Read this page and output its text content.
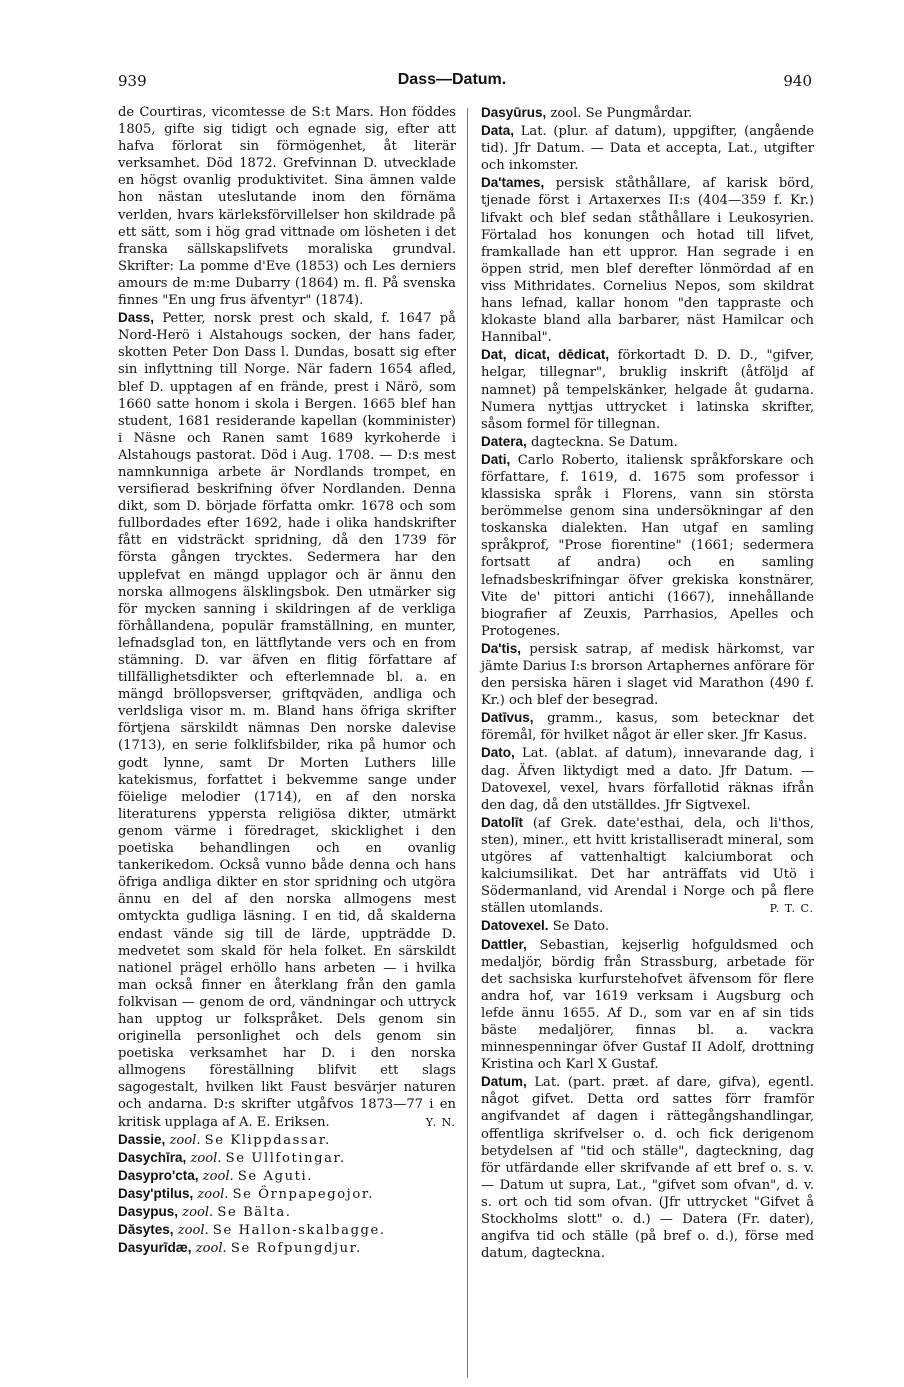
939	Dass—Datum.	940

de Courtiras, vicomtesse de S:t Mars. Hon föddes 1805, gifte sig tidigt och egnade sig, efter att hafva förlorat sin förmögenhet, åt literär verksamhet. Död 1872. Grefvinnan D. utvecklade en högst ovanlig produktivitet. Sina ämnen valde hon nästan uteslutande inom den förnäma verlden, hvars kärleksförvillelser hon skildrade på ett sätt, som i hög grad vittnade om lösheten i det franska sällskapslifvets moraliska grundval. Skrifter: La pomme d'Eve (1853) och Les derniers amours de m:me Dubarry (1864) m. fl. På svenska finnes "En ung frus äfventyr" (1874).

Dass, Petter, norsk prest och skald, f. 1647 på Nord-Herö i Alstahougs socken, der hans fader, skotten Peter Don Dass l. Dundas, bosatt sig efter sin inflyttning till Norge. När fadern 1654 afled, blef D. upptagen af en frände, prest i Närö, som 1660 satte honom i skola i Bergen. 1665 blef han student, 1681 residerande kapellan (komminister) i Näsne och Ranen samt 1689 kyrkoherde i Alstahougs pastorat. Död i Aug. 1708. — D:s mest namnkunniga arbete är Nordlands trompet, en versifierad beskrifning öfver Nordlanden. Denna dikt, som D. började författa omkr. 1678 och som fullbordades efter 1692, hade i olika handskrifter fått en vidsträckt spridning, då den 1739 för första gången trycktes. Sedermera har den upplefvat en mängd upplagor och är ännu den norska allmogens älsklingsbok. Den utmärker sig för mycken sanning i skildringen af de verkliga förhållandena, populär framställning, en munter, lefnadsglad ton, en lättflytande vers och en from stämning. D. var äfven en flitig författare af tillfällighetsdikter och efterlemnade bl. a. en mängd bröllopsverser, griftqväden, andliga och verldsliga visor m. m. Bland hans öfriga skrifter förtjena särskildt nämnas Den norske dalevise (1713), en serie folklifsbilder, rika på humor och godt lynne, samt Dr Morten Luthers lille katekismus, forfattet i bekvemme sange under föielige melodier (1714), en af den norska literaturens yppersta religiösa dikter, utmärkt genom värme i föredraget, skicklighet i den poetiska behandlingen och en ovanlig tankerikedom. Också vunno både denna och hans öfriga andliga dikter en stor spridning och utgöra ännu en del af den norska allmogens mest omtyckta gudliga läsning. I en tid, då skalderna endast vände sig till de lärde, uppträdde D. medvetet som skald för hela folket. En särskildt nationel prägel erhöllo hans arbeten — i hvilka man också finner en återklang från den gamla folkvisan — genom de ord, vändningar och uttryck han upptog ur folkspråket. Dels genom sin originella personlighet och dels genom sin poetiska verksamhet har D. i den norska allmogens föreställning blifvit ett slags sagogestalt, hvilken likt Faust besvärjer naturen och andarna. D:s skrifter utgåfvos 1873—77 i en kritisk upplaga af A. E. Eriksen.	Y. N.

Dassie, zool. Se Klippdassar.

Dasychīra, zool. Se Ullfotingar.

Dasypro'cta, zool. Se Aguti.

Dasy'ptilus, zool. Se Örnpapegojor.

Dasypus, zool. Se Bälta.

Dăsytes, zool. Se Hallon-skalbagge.

Dasyurīdæ, zool. Se Rofpungdjur.

Dasyūrus, zool. Se Pungmårdar.

Data, Lat. (plur. af datum), uppgifter, (angående tid). Jfr Datum. — Data et accepta, Lat., utgifter och inkomster.

Da'tames, persisk ståthållare, af karisk börd, tjenade först i Artaxerxes II:s (404—359 f. Kr.) lifvakt och blef sedan ståthållare i Leukosyrien. Förtalad hos konungen och hotad till lifvet, framkallade han ett uppror. Han segrade i en öppen strid, men blef derefter lönmördad af en viss Mithridates. Cornelius Nepos, som skildrat hans lefnad, kallar honom "den tappraste och klokaste bland alla barbarer, näst Hamilcar och Hannibal".

Dat, dicat, dēdicat, förkortadt D. D. D., "gifver, helgar, tillegnar", bruklig inskrift (åtföljd af namnet) på tempelskänker, helgade åt gudarna. Numera nyttjas uttrycket i latinska skrifter, såsom formel för tillegnan.

Datera, dagteckna. Se Datum.

Dati, Carlo Roberto, italiensk språkforskare och författare, f. 1619, d. 1675 som professor i klassiska språk i Florens, vann sin största berömmelse genom sina undersökningar af den toskanska dialekten. Han utgaf en samling språkprof, "Prose fiorentine" (1661; sedermera fortsatt af andra) och en samling lefnadsbeskrifningar öfver grekiska konstnärer, Vite de' pittori antichi (1667), innehållande biografier af Zeuxis, Parrhasios, Apelles och Protogenes.

Da'tis, persisk satrap, af medisk härkomst, var jämte Darius I:s brorson Artaphernes anförare för den persiska hären i slaget vid Marathon (490 f. Kr.) och blef der besegrad.

Datīvus, gramm., kasus, som betecknar det föremål, för hvilket något är eller sker. Jfr Kasus.

Dato, Lat. (ablat. af datum), innevarande dag, i dag. Äfven liktydigt med a dato. Jfr Datum. — Datovexel, vexel, hvars förfallotid räknas ifrån den dag, då den utställdes. Jfr Sigtvexel.

Datolīt (af Grek. date'esthai, dela, och li'thos, sten), miner., ett hvitt kristalliseradt mineral, som utgöres af vattenhaltigt kalciumborat och kalciumsilikat. Det har anträffats vid Utö i Södermanland, vid Arendal i Norge och på flere ställen utomlands.	P. T. C.

Datovexel. Se Dato.

Dattler, Sebastian, kejserlig hofguldsmed och medaljör, bördig från Strassburg, arbetade för det sachsiska kurfurstehofvet äfvensom för flere andra hof, var 1619 verksam i Augsburg och lefde ännu 1655. Af D., som var en af sin tids bäste medaljörer, finnas bl. a. vackra minnespenningar öfver Gustaf II Adolf, drottning Kristina och Karl X Gustaf.

Datum, Lat. (part. præt. af dare, gifva), egentl. något gifvet. Detta ord sattes förr framför angifvandet af dagen i rättegångshandlingar, offentliga skrifvelser o. d. och fick derigenom betydelsen af "tid och ställe", dagteckning, dag för utfärdande eller skrifvande af ett bref o. s. v. — Datum ut supra, Lat., "gifvet som ofvan", d. v. s. ort och tid som ofvan. (Jfr uttrycket "Gifvet å Stockholms slott" o. d.) — Datera (Fr. dater), angifva tid och ställe (på bref o. d.), förse med datum, dagteckna.
